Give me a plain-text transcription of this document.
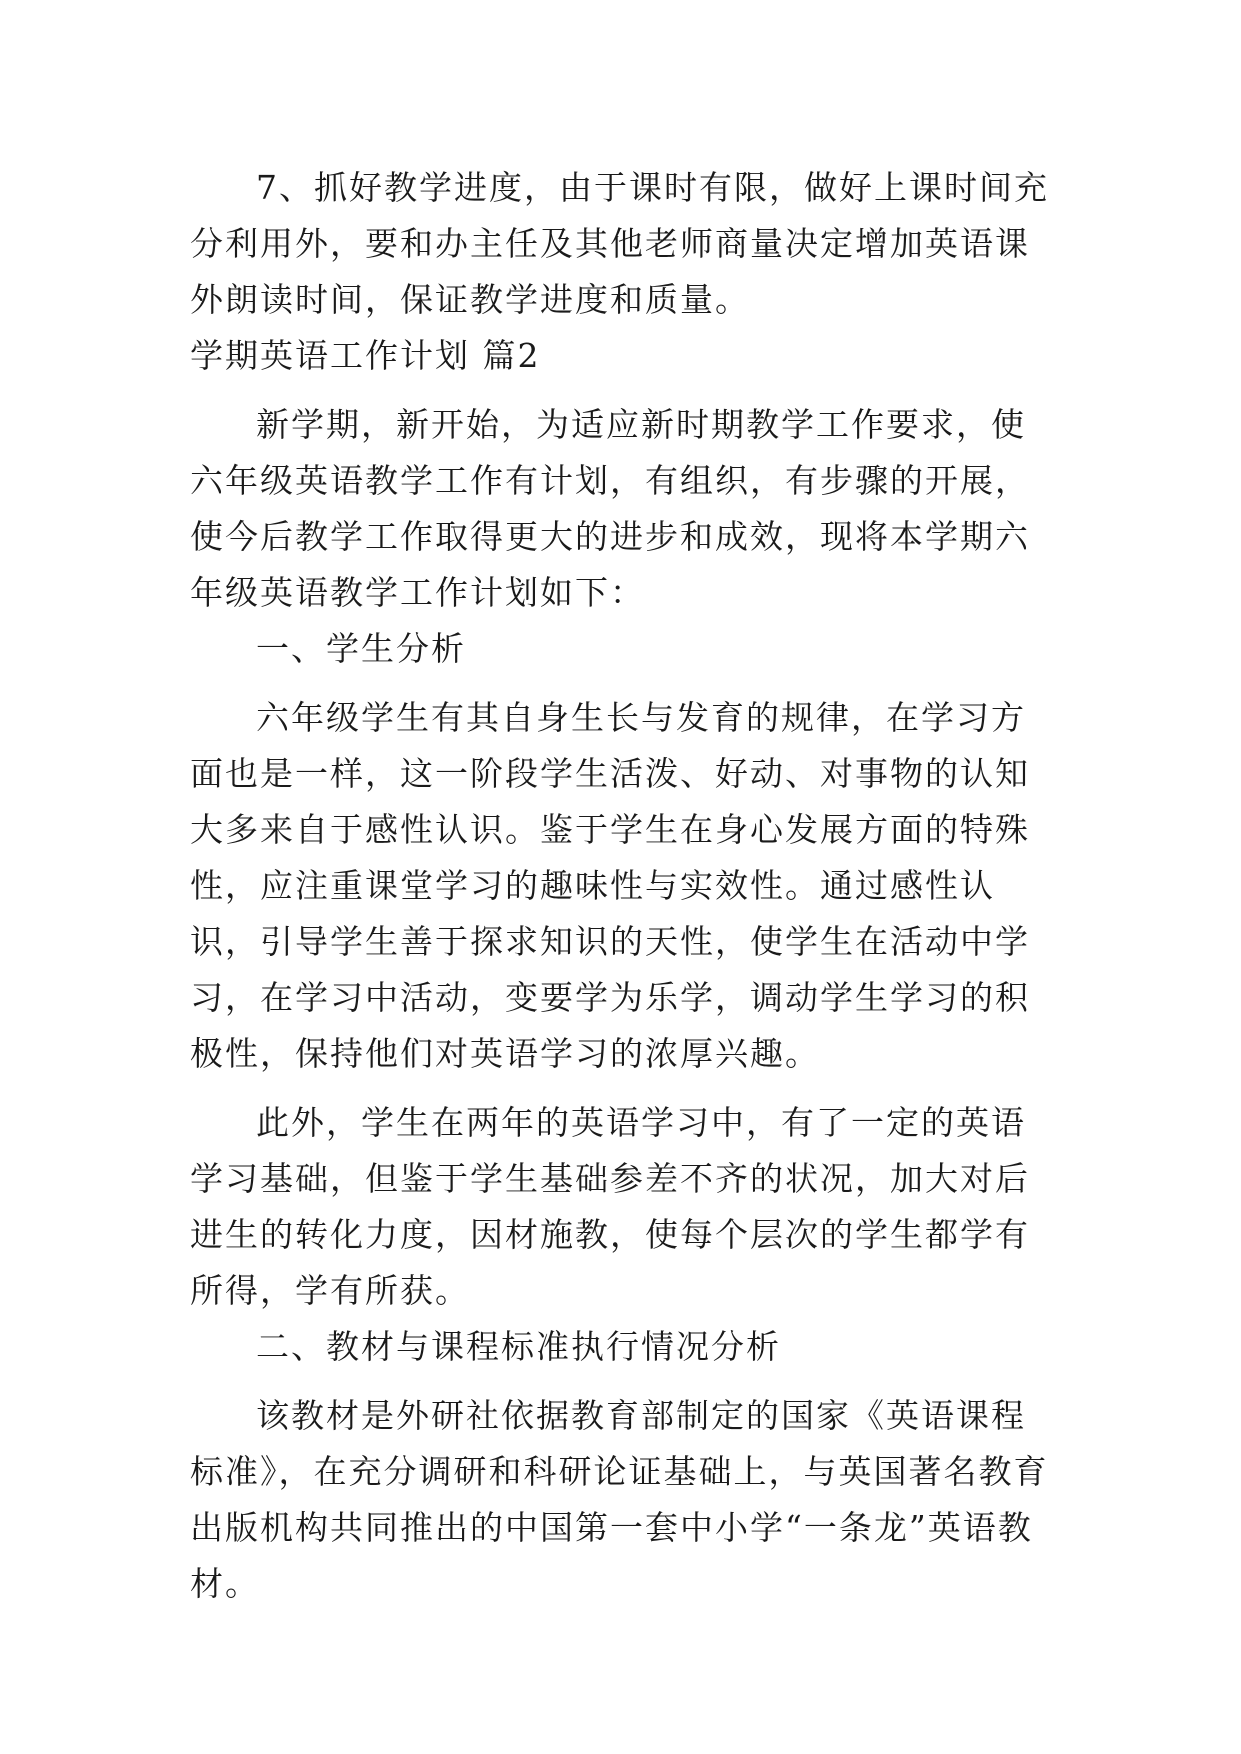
7、抓好教学进度，由于课时有限，做好上课时间充分利用外，要和办主任及其他老师商量决定增加英语课外朗读时间，保证教学进度和质量。

学期英语工作计划 篇2

新学期，新开始，为适应新时期教学工作要求，使六年级英语教学工作有计划，有组织，有步骤的开展，使今后教学工作取得更大的进步和成效，现将本学期六年级英语教学工作计划如下：

一、学生分析

六年级学生有其自身生长与发育的规律，在学习方面也是一样，这一阶段学生活泼、好动、对事物的认知大多来自于感性认识。鉴于学生在身心发展方面的特殊性，应注重课堂学习的趣味性与实效性。通过感性认识，引导学生善于探求知识的天性，使学生在活动中学习，在学习中活动，变要学为乐学，调动学生学习的积极性，保持他们对英语学习的浓厚兴趣。

此外，学生在两年的英语学习中，有了一定的英语学习基础，但鉴于学生基础参差不齐的状况，加大对后进生的转化力度，因材施教，使每个层次的学生都学有所得，学有所获。

二、教材与课程标准执行情况分析

该教材是外研社依据教育部制定的国家《英语课程标准》，在充分调研和科研论证基础上，与英国著名教育出版机构共同推出的中国第一套中小学“一条龙”英语教材。
